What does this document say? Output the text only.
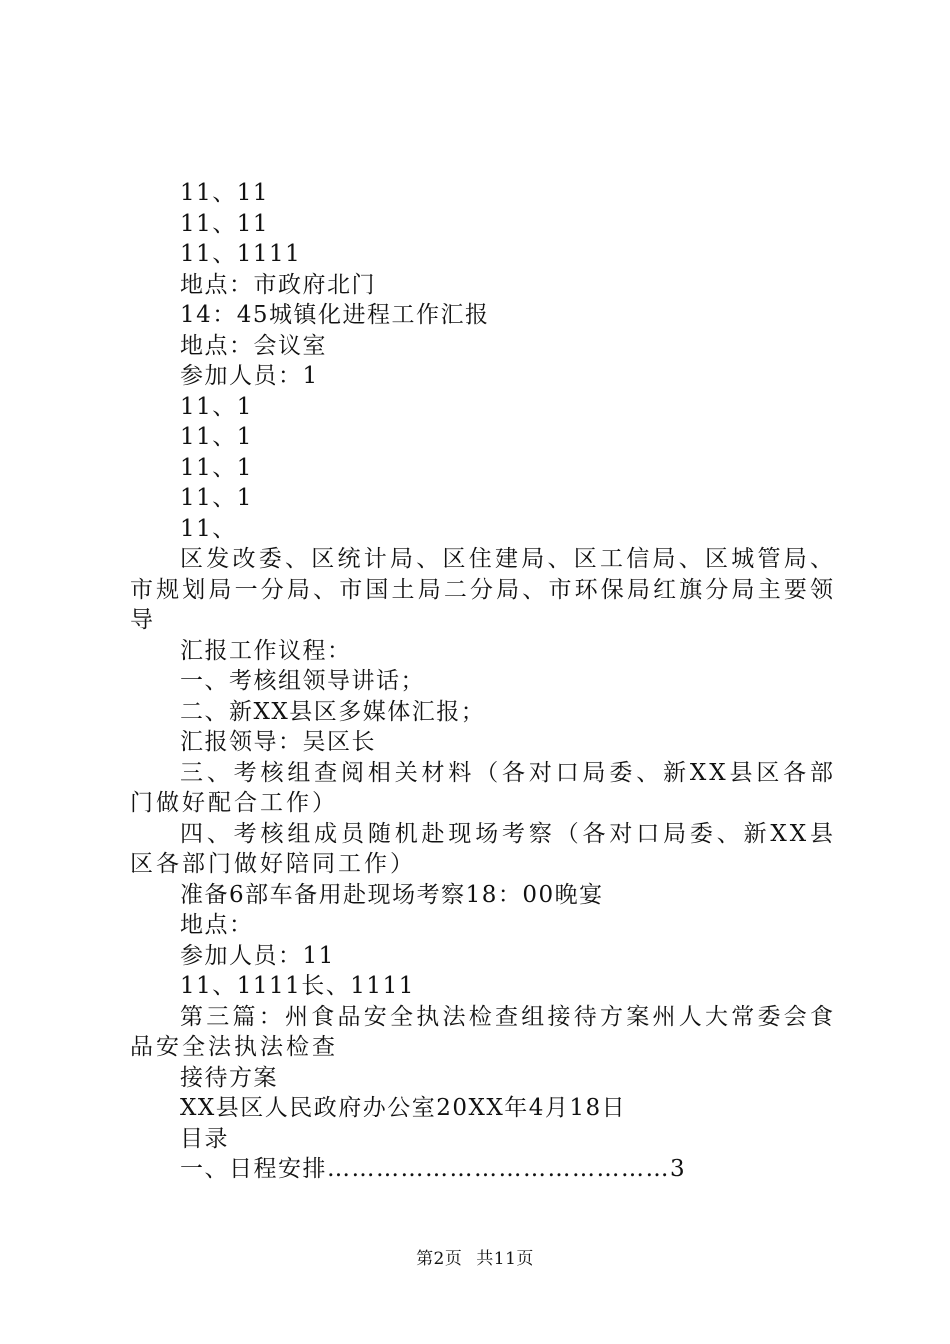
11、11
11、11
11、1111
地点：市政府北门
14：45城镇化进程工作汇报
地点：会议室
参加人员：1
11、1
11、1
11、1
11、1
11、
区发改委、区统计局、区住建局、区工信局、区城管局、市规划局一分局、市国土局二分局、市环保局红旗分局主要领导
汇报工作议程：
一、考核组领导讲话；
二、新XX县区多媒体汇报；
汇报领导：吴区长
三、考核组查阅相关材料（各对口局委、新XX县区各部门做好配合工作）
四、考核组成员随机赴现场考察（各对口局委、新XX县区各部门做好陪同工作）
准备6部车备用赴现场考察18：00晚宴
地点：
参加人员：11
11、1111长、1111
第三篇：州食品安全执法检查组接待方案州人大常委会食品安全法执法检查
接待方案
XX县区人民政府办公室20XX年4月18日
目录
一、日程安排……………………………………3
第2页 共11页
